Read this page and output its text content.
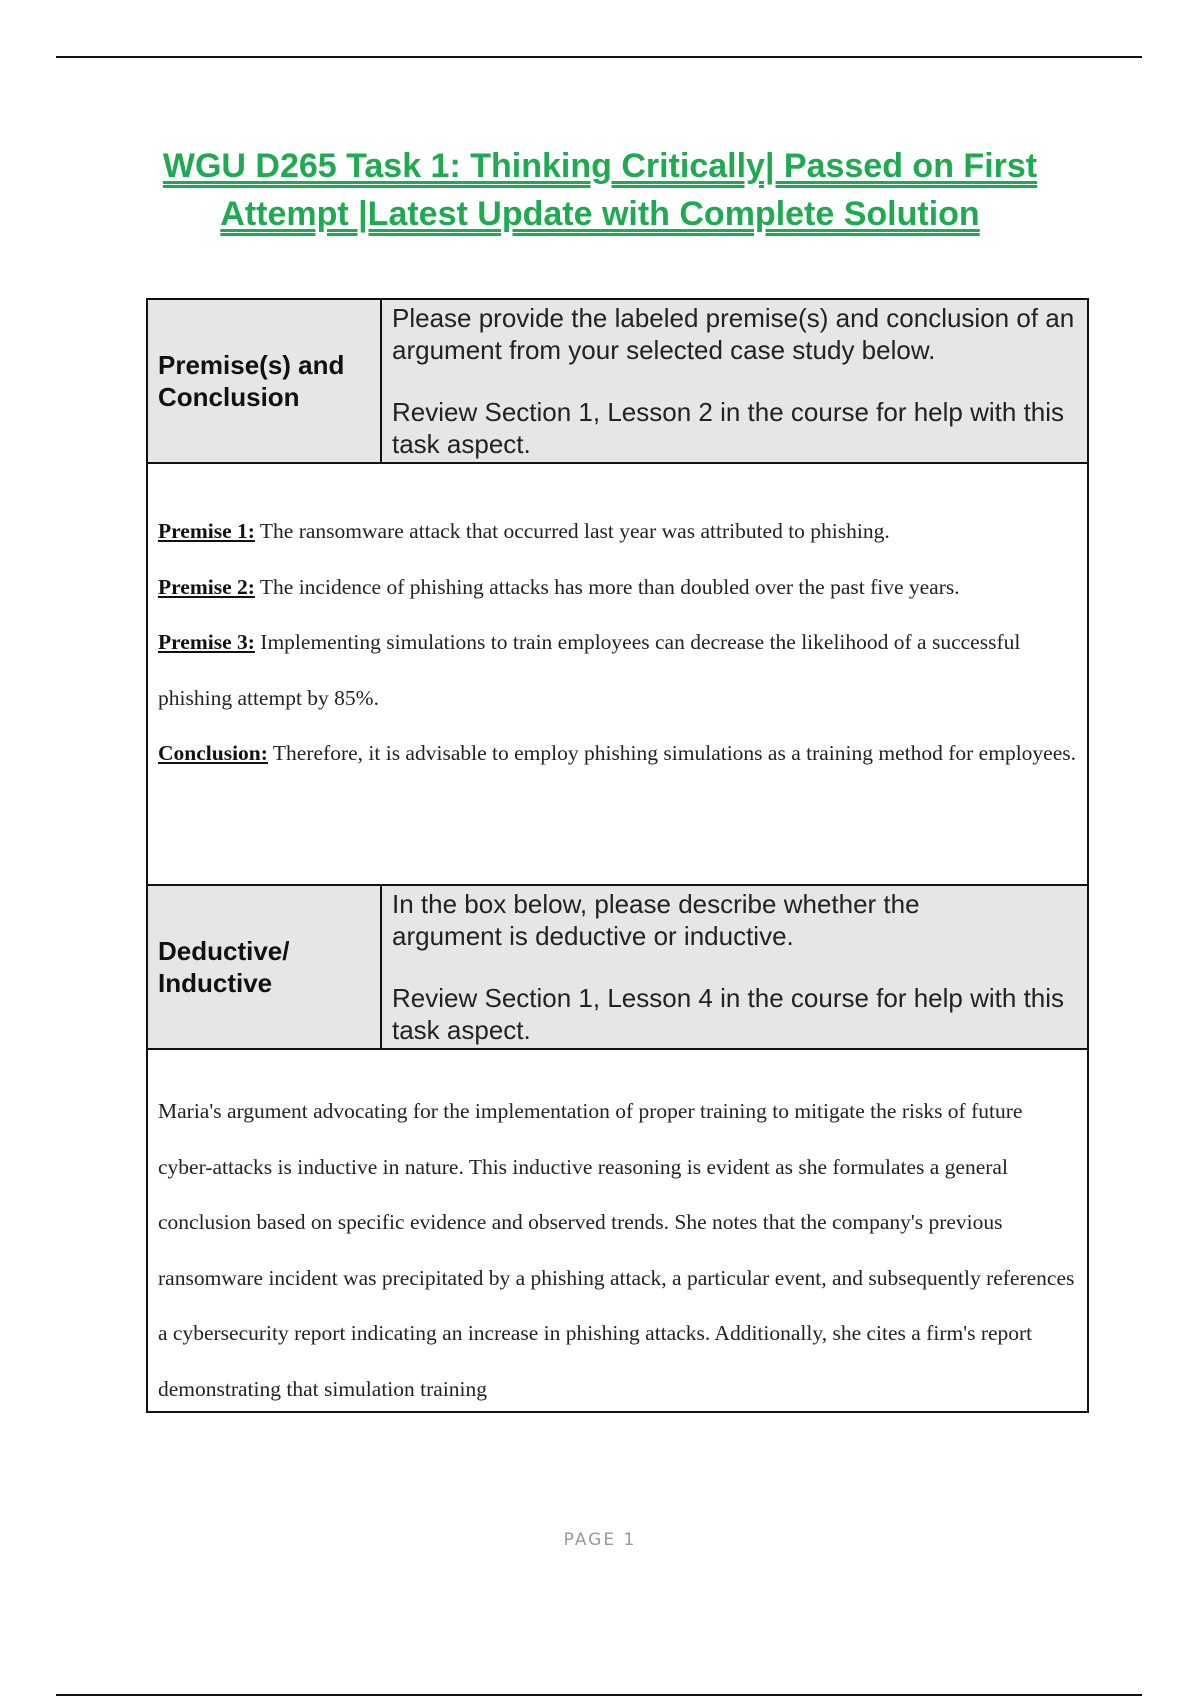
WGU D265 Task 1: Thinking Critically| Passed on First Attempt |Latest Update with Complete Solution
Premise(s) and Conclusion	Please provide the labeled premise(s) and conclusion of an argument from your selected case study below.

Review Section 1, Lesson 2 in the course for help with this task aspect.

Premise 1: The ransomware attack that occurred last year was attributed to phishing.

Premise 2: The incidence of phishing attacks has more than doubled over the past five years.

Premise 3: Implementing simulations to train employees can decrease the likelihood of a successful phishing attempt by 85%.

Conclusion: Therefore, it is advisable to employ phishing simulations as a training method for employees.	

Deductive/ Inductive	In the box below, please describe whether the argument is deductive or inductive.

Review Section 1, Lesson 4 in the course for help with this task aspect.

Maria's argument advocating for the implementation of proper training to mitigate the risks of future cyber-attacks is inductive in nature. This inductive reasoning is evident as she formulates a general conclusion based on specific evidence and observed trends. She notes that the company's previous ransomware incident was precipitated by a phishing attack, a particular event, and subsequently references a cybersecurity report indicating an increase in phishing attacks. Additionally, she cites a firm's report demonstrating that simulation training	

PAGE 1
